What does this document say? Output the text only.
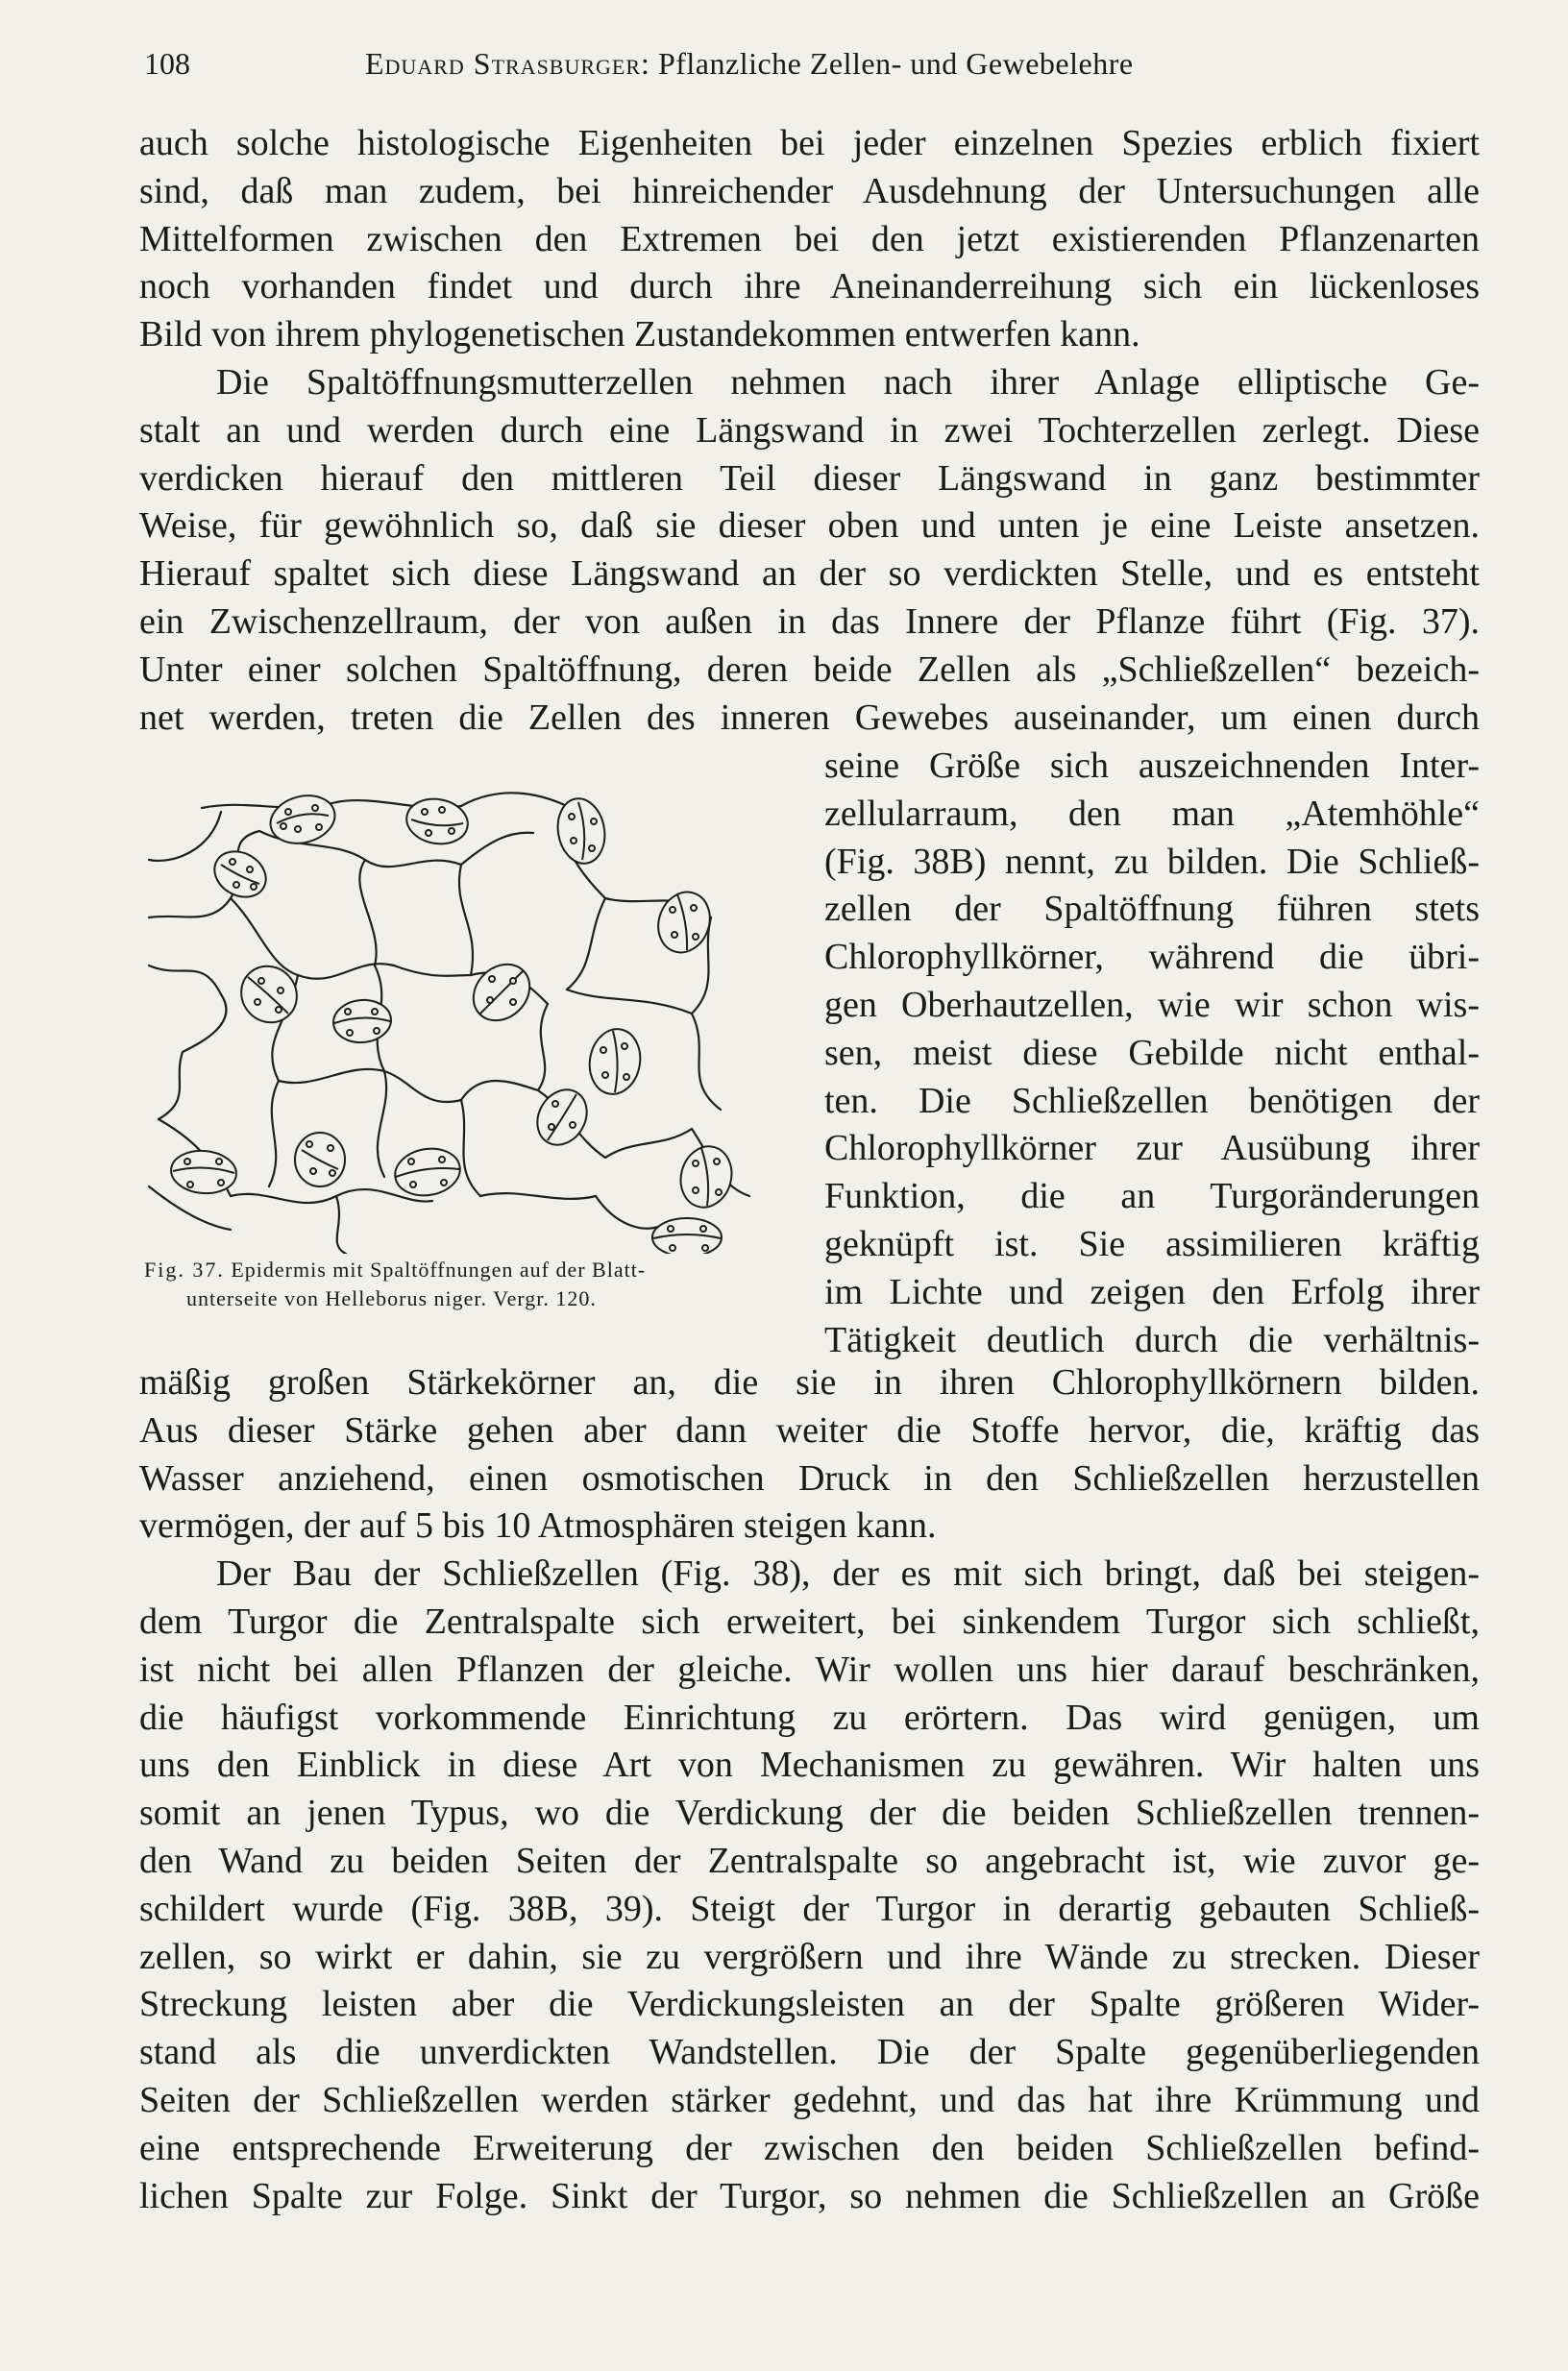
108	Eduard Strasburger: Pflanzliche Zellen- und Gewebelehre

auch solche histologische Eigenheiten bei jeder einzelnen Spezies erblich fixiert
sind, daß man zudem, bei hinreichender Ausdehnung der Untersuchungen alle
Mittelformen zwischen den Extremen bei den jetzt existierenden Pflanzenarten
noch vorhanden findet und durch ihre Aneinanderreihung sich ein lückenloses
Bild von ihrem phylogenetischen Zustandekommen entwerfen kann.

Die Spaltöffnungsmutterzellen nehmen nach ihrer Anlage elliptische Ge-
stalt an und werden durch eine Längswand in zwei Tochterzellen zerlegt. Diese
verdicken hierauf den mittleren Teil dieser Längswand in ganz bestimmter
Weise, für gewöhnlich so, daß sie dieser oben und unten je eine Leiste ansetzen.
Hierauf spaltet sich diese Längswand an der so verdickten Stelle, und es entsteht
ein Zwischenzellraum, der von außen in das Innere der Pflanze führt (Fig. 37).
Unter einer solchen Spaltöffnung, deren beide Zellen als „Schließzellen“ bezeich-
net werden, treten die Zellen des inneren Gewebes auseinander, um einen durch

Fig. 37. Epidermis mit Spaltöffnungen auf der Blatt-
unterseite von Helleborus niger. Vergr. 120.

seine Größe sich auszeichnenden Inter-
zellularraum, den man „Atemhöhle“
(Fig. 38B) nennt, zu bilden. Die Schließ-
zellen der Spaltöffnung führen stets
Chlorophyllkörner, während die übri-
gen Oberhautzellen, wie wir schon wis-
sen, meist diese Gebilde nicht enthal-
ten. Die Schließzellen benötigen der
Chlorophyllkörner zur Ausübung ihrer
Funktion, die an Turgoränderungen
geknüpft ist. Sie assimilieren kräftig
im Lichte und zeigen den Erfolg ihrer
Tätigkeit deutlich durch die verhältnis-

mäßig großen Stärkekörner an, die sie in ihren Chlorophyllkörnern bilden.
Aus dieser Stärke gehen aber dann weiter die Stoffe hervor, die, kräftig das
Wasser anziehend, einen osmotischen Druck in den Schließzellen herzustellen
vermögen, der auf 5 bis 10 Atmosphären steigen kann.

Der Bau der Schließzellen (Fig. 38), der es mit sich bringt, daß bei steigen-
dem Turgor die Zentralspalte sich erweitert, bei sinkendem Turgor sich schließt,
ist nicht bei allen Pflanzen der gleiche. Wir wollen uns hier darauf beschränken,
die häufigst vorkommende Einrichtung zu erörtern. Das wird genügen, um
uns den Einblick in diese Art von Mechanismen zu gewähren. Wir halten uns
somit an jenen Typus, wo die Verdickung der die beiden Schließzellen trennen-
den Wand zu beiden Seiten der Zentralspalte so angebracht ist, wie zuvor ge-
schildert wurde (Fig. 38B, 39). Steigt der Turgor in derartig gebauten Schließ-
zellen, so wirkt er dahin, sie zu vergrößern und ihre Wände zu strecken. Dieser
Streckung leisten aber die Verdickungsleisten an der Spalte größeren Wider-
stand als die unverdickten Wandstellen. Die der Spalte gegenüberliegenden
Seiten der Schließzellen werden stärker gedehnt, und das hat ihre Krümmung und
eine entsprechende Erweiterung der zwischen den beiden Schließzellen befind-
lichen Spalte zur Folge. Sinkt der Turgor, so nehmen die Schließzellen an Größe
